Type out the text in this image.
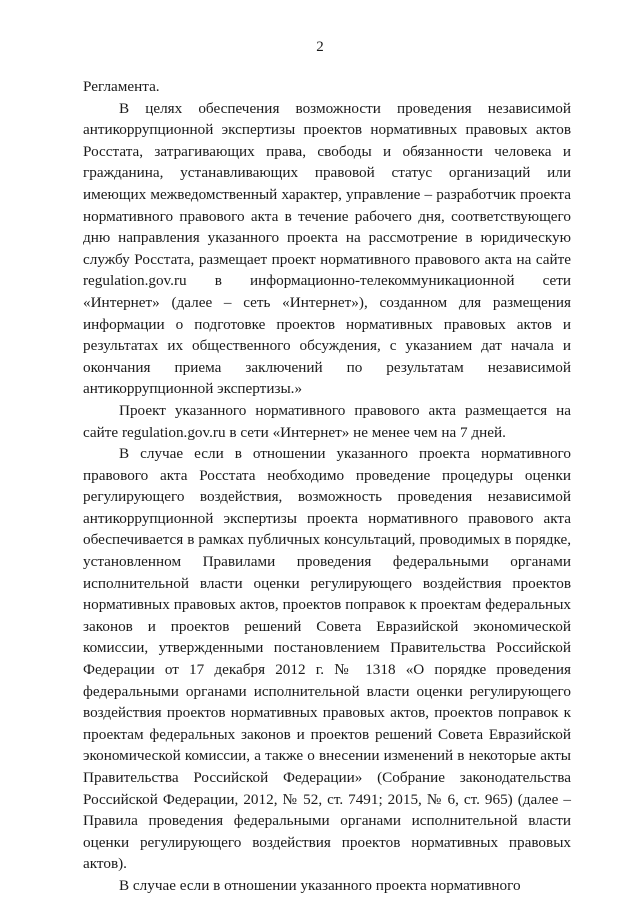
2

Регламента.

В целях обеспечения возможности проведения независимой антикоррупционной экспертизы проектов нормативных правовых актов Росстата, затрагивающих права, свободы и обязанности человека и гражданина, устанавливающих правовой статус организаций или имеющих межведомственный характер, управление – разработчик проекта нормативного правового акта в течение рабочего дня, соответствующего дню направления указанного проекта на рассмотрение в юридическую службу Росстата, размещает проект нормативного правового акта на сайте regulation.gov.ru в информационно-телекоммуникационной сети «Интернет» (далее – сеть «Интернет»), созданном для размещения информации о подготовке проектов нормативных правовых актов и результатах их общественного обсуждения, с указанием дат начала и окончания приема заключений по результатам независимой антикоррупционной экспертизы.»

Проект указанного нормативного правового акта размещается на сайте regulation.gov.ru в сети «Интернет» не менее чем на 7 дней.

В случае если в отношении указанного проекта нормативного правового акта Росстата необходимо проведение процедуры оценки регулирующего воздействия, возможность проведения независимой антикоррупционной экспертизы проекта нормативного правового акта обеспечивается в рамках публичных консультаций, проводимых в порядке, установленном Правилами проведения федеральными органами исполнительной власти оценки регулирующего воздействия проектов нормативных правовых актов, проектов поправок к проектам федеральных законов и проектов решений Совета Евразийской экономической комиссии, утвержденными постановлением Правительства Российской Федерации от 17 декабря 2012 г. № 1318 «О порядке проведения федеральными органами исполнительной власти оценки регулирующего воздействия проектов нормативных правовых актов, проектов поправок к проектам федеральных законов и проектов решений Совета Евразийской экономической комиссии, а также о внесении изменений в некоторые акты Правительства Российской Федерации» (Собрание законодательства Российской Федерации, 2012, № 52, ст. 7491; 2015, № 6, ст. 965) (далее – Правила проведения федеральными органами исполнительной власти оценки регулирующего воздействия проектов нормативных правовых актов).

В случае если в отношении указанного проекта нормативного
